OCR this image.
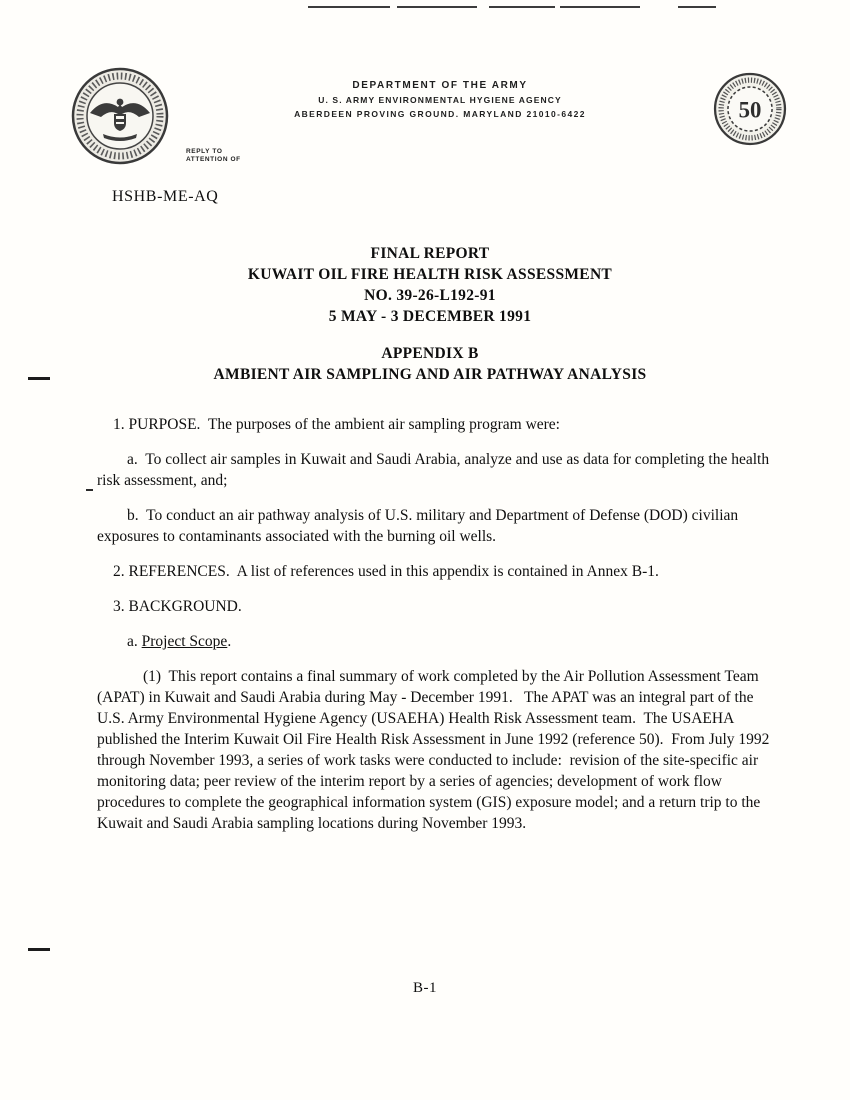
50
DEPARTMENT OF THE ARMY
U. S. ARMY ENVIRONMENTAL HYGIENE AGENCY
ABERDEEN PROVING GROUND. MARYLAND 21010-6422
REPLY TO
ATTENTION OF
HSHB-ME-AQ
FINAL REPORT
KUWAIT OIL FIRE HEALTH RISK ASSESSMENT
NO. 39-26-L192-91
5 MAY - 3 DECEMBER 1991
APPENDIX B
AMBIENT AIR SAMPLING AND AIR PATHWAY ANALYSIS

1. PURPOSE.  The purposes of the ambient air sampling program were:

a.  To collect air samples in Kuwait and Saudi Arabia, analyze and use as data for completing the health risk assessment, and;

b.  To conduct an air pathway analysis of U.S. military and Department of Defense (DOD) civilian exposures to contaminants associated with the burning oil wells.

2. REFERENCES.  A list of references used in this appendix is contained in Annex B-1.

3. BACKGROUND.

a. Project Scope.

(1)  This report contains a final summary of work completed by the Air Pollution Assessment Team (APAT) in Kuwait and Saudi Arabia during May - December 1991.   The APAT was an integral part of the U.S. Army Environmental Hygiene Agency (USAEHA) Health Risk Assessment team.  The USAEHA published the Interim Kuwait Oil Fire Health Risk Assessment in June 1992 (reference 50).  From July 1992 through November 1993, a series of work tasks were conducted to include:  revision of the site-specific air monitoring data; peer review of the interim report by a series of agencies; development of work flow procedures to complete the geographical information system (GIS) exposure model; and a return trip to the Kuwait and Saudi Arabia sampling locations during November 1993.

B-1
